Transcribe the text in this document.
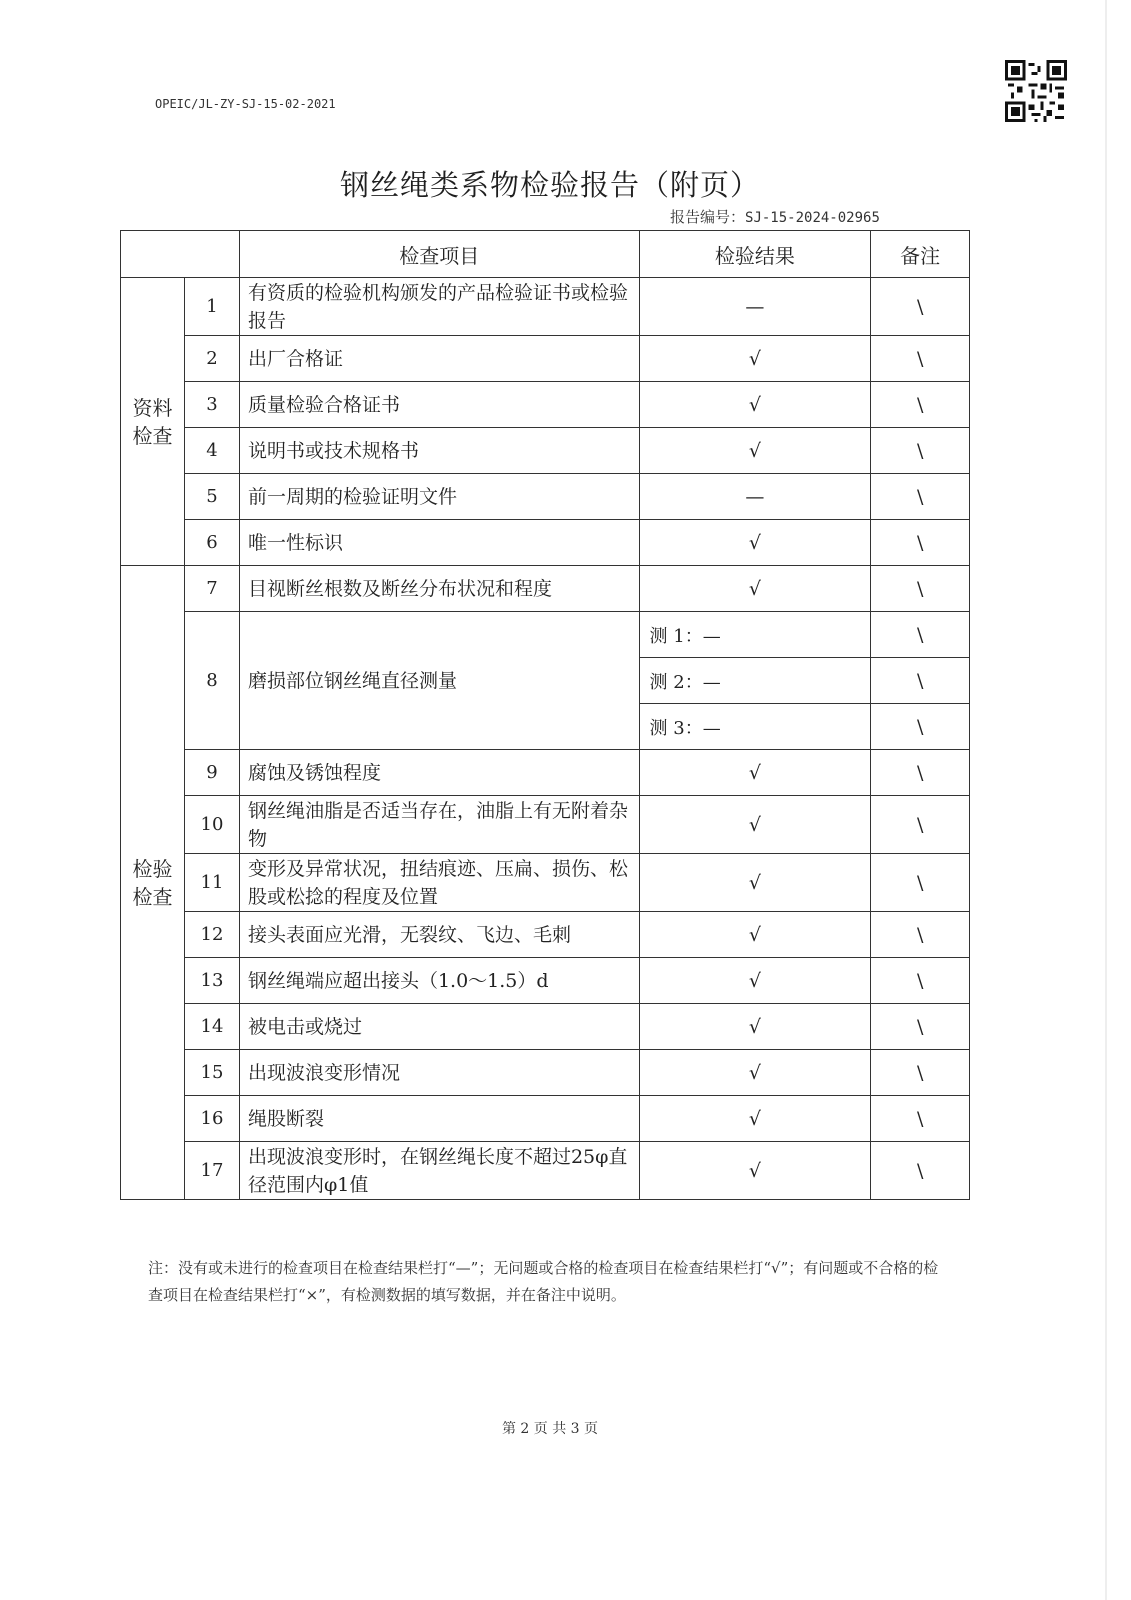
OPEIC/JL-ZY-SJ-15-02-2021
钢丝绳类系物检验报告（附页）
报告编号：SJ-15-2024-02965
		检查项目	检验结果	备注
资料
检查	1	有资质的检验机构颁发的产品检验证书或检验报告	—	\
	2	出厂合格证	√	\
	3	质量检验合格证书	√	\
	4	说明书或技术规格书	√	\
	5	前一周期的检验证明文件	—	\
	6	唯一性标识	√	\
检验
检查	7	目视断丝根数及断丝分布状况和程度	√	\
	8	磨损部位钢丝绳直径测量	测 1：—	\
			测 2：—	\
			测 3：—	\
	9	腐蚀及锈蚀程度	√	\
	10	钢丝绳油脂是否适当存在，油脂上有无附着杂物	√	\
	11	变形及异常状况，扭结痕迹、压扁、损伤、松股或松捻的程度及位置	√	\
	12	接头表面应光滑，无裂纹、飞边、毛刺	√	\
	13	钢丝绳端应超出接头（1.0～1.5）d	√	\
	14	被电击或烧过	√	\
	15	出现波浪变形情况	√	\
	16	绳股断裂	√	\
	17	出现波浪变形时，在钢丝绳长度不超过25φ直径范围内φ1值	√	\
注：没有或未进行的检查项目在检查结果栏打“—”；无问题或合格的检查项目在检查结果栏打“√”；有问题或不合格的检查项目在检查结果栏打“×”，有检测数据的填写数据，并在备注中说明。
第 2 页 共 3 页
